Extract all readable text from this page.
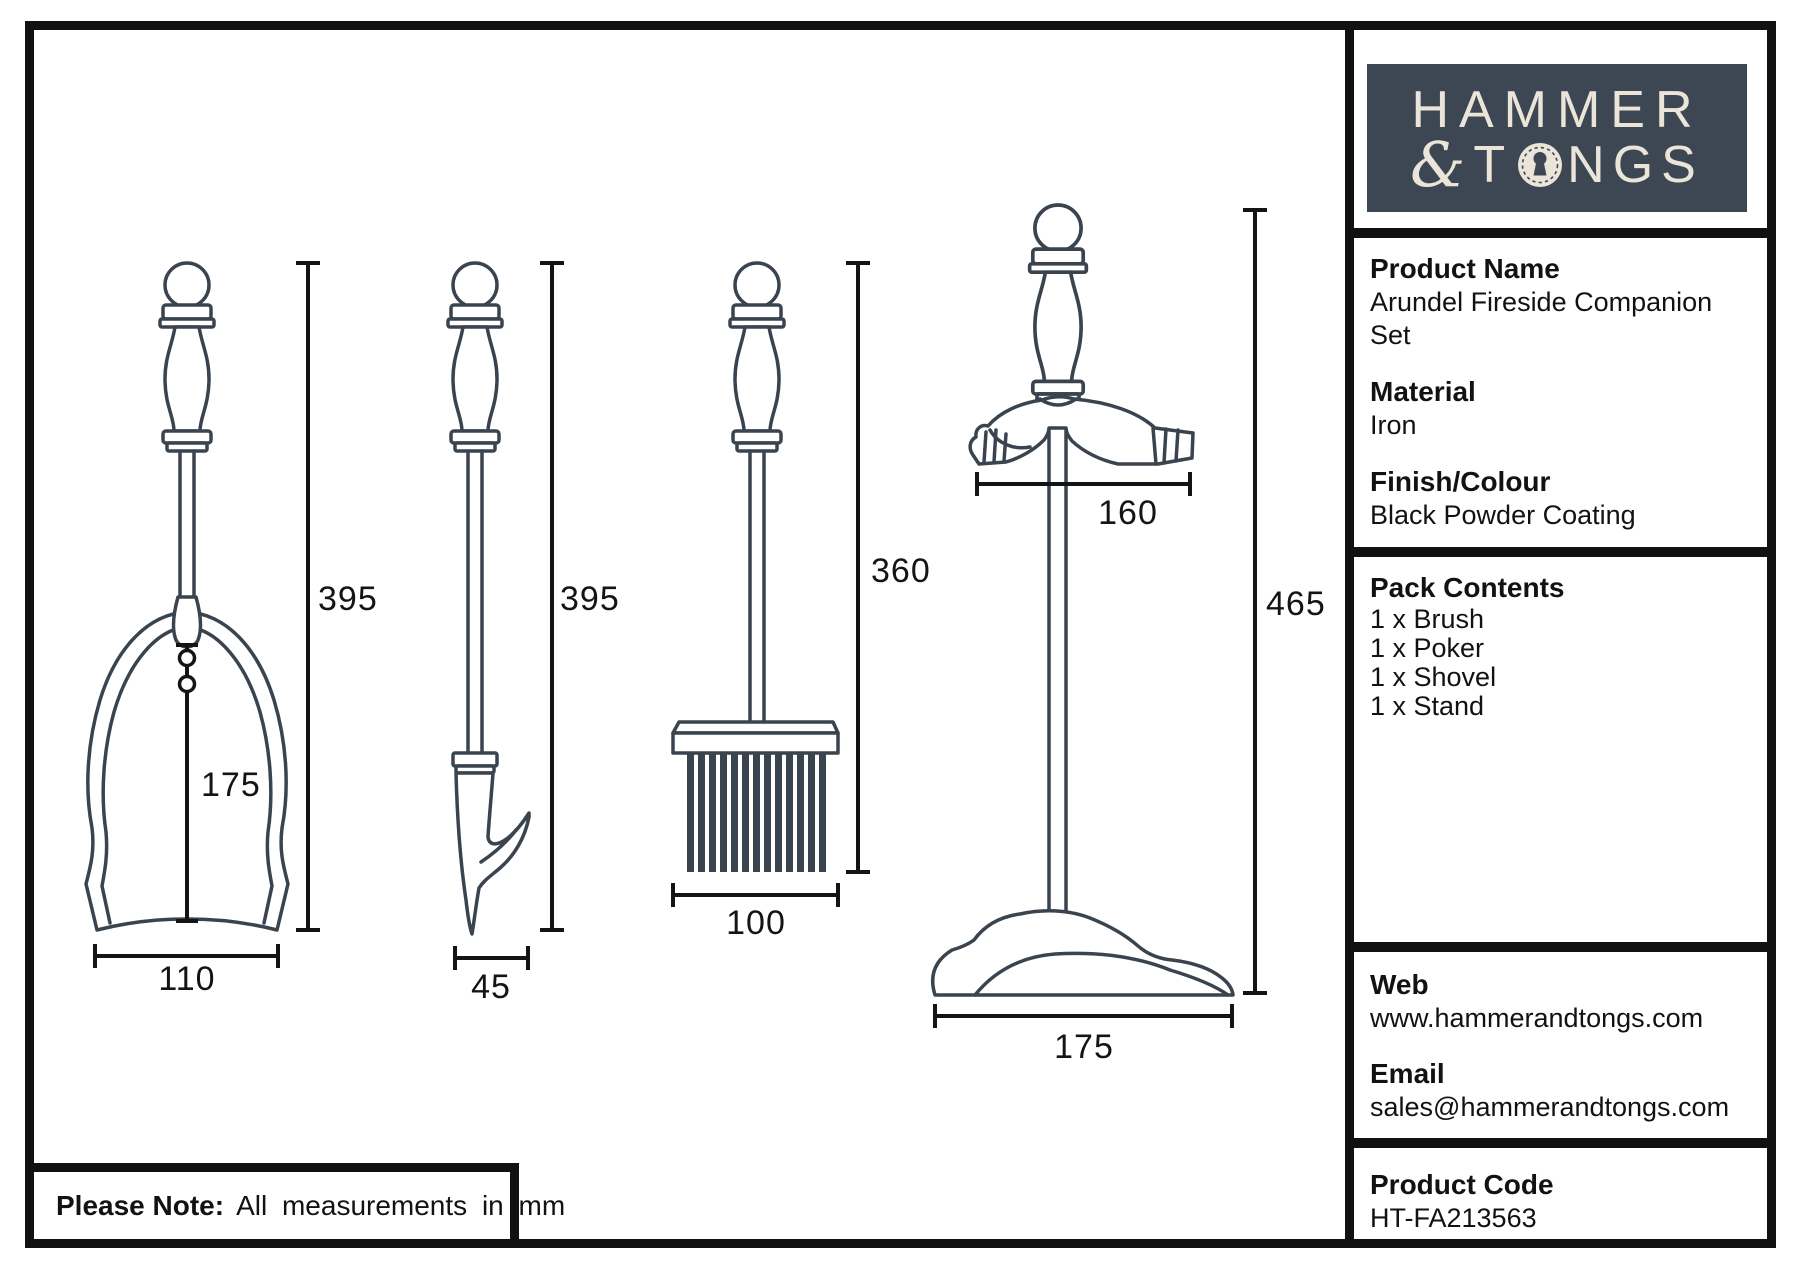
395	395
360
465
175
110	45
100
160
175
HAMMER
& T NGS
Product Name
Arundel Fireside Companion Set
Material
Iron
Finish/Colour
Black Powder Coating
Pack Contents
1 x Brush
1 x Poker
1 x Shovel
1 x Stand
Web
www.hammerandtongs.com
Email
sales@hammerandtongs.com
Product Code
HT-FA213563
Please Note: All measurements in mm
